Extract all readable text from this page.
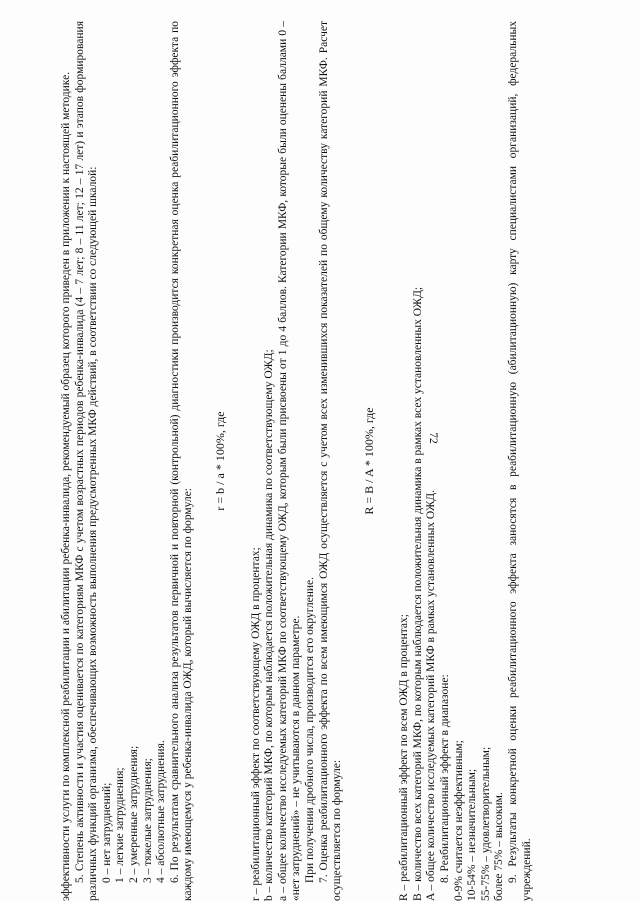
72

эффективности услуги по комплексной реабилитации и абилитации ребенка-инвалида, рекомендуемый образец которого приведен в приложении к настоящей методике. 5. Степень активности и участия оценивается по категориям МКФ с учетом возрастных периодов ребенка-инвалида (4 – 7 лет; 8 – 11 лет; 12 – 17 лет) и этапов формирования различных функций организма, обеспечивающих возможность выполнения предусмотренных МКФ действий, в соответствии со следующей шкалой: 0 – нет затруднений; 1 – легкие затруднения; 2 – умеренные затруднения; 3 – тяжелые затруднения; 4 – абсолютные затруднения. 6. По результатам сравнительного анализа результатов первичной и повторной (контрольной) диагностики производится конкретная оценка реабилитационного эффекта по каждому имеющемуся у ребенка-инвалида ОЖД, который вычисляется по формуле:

r = b / a * 100%, где

r – реабилитационный эффект по соответствующему ОЖД в процентах; b – количество категорий МКФ, по которым наблюдается положительная динамика по соответствующему ОЖД; a – общее количество исследуемых категорий МКФ по соответствующему ОЖД, которым были присвоены от 1 до 4 баллов. Категории МКФ, которые были оценены баллами 0 – «нет затруднений» – не учитываются в данном параметре. При получении дробного числа, производится его округление. 7. Оценка реабилитационного эффекта по всем имеющимся ОЖД осуществляется с учетом всех изменившихся показателей по общему количеству категорий МКФ. Расчет осуществляется по формуле:

R = B / A * 100%, где

R – реабилитационный эффект по всем ОЖД в процентах; B – количество всех категорий МКФ, по которым наблюдается положительная динамика в рамках всех установленных ОЖД; A – общее количество исследуемых категорий МКФ в рамках установленных ОЖД. 8. Реабилитационный эффект в диапазоне: 0-9% считается неэффективным; 10-54% – незначительным; 55-75% – удовлетворительным; более 75% – высоким. 9. Результаты конкретной оценки реабилитационного эффекта заносятся в реабилитационную (абилитационную) карту специалистами организаций, федеральных учреждений.
